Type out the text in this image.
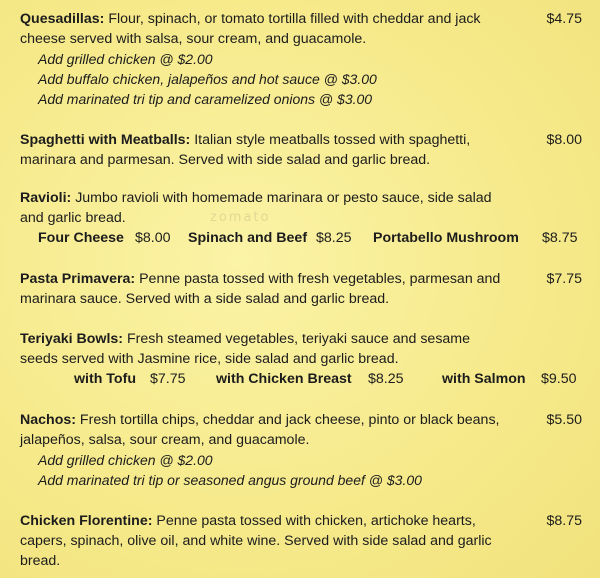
zomato
Quesadillas: Flour, spinach, or tomato tortilla filled with cheddar and jack	$4.75
cheese served with salsa, sour cream, and guacamole.
Add grilled chicken @ $2.00
Add buffalo chicken, jalapeños and hot sauce @ $3.00
Add marinated tri tip and caramelized onions @ $3.00
Spaghetti with Meatballs: Italian style meatballs tossed with spaghetti,	$8.00
marinara and parmesan. Served with side salad and garlic bread.
Ravioli: Jumbo ravioli with homemade marinara or pesto sauce, side salad
and garlic bread.
Four Cheese $8.00 Spinach and Beef $8.25 Portabello Mushroom $8.75
Pasta Primavera: Penne pasta tossed with fresh vegetables, parmesan and	$7.75
marinara sauce. Served with a side salad and garlic bread.
Teriyaki Bowls: Fresh steamed vegetables, teriyaki sauce and sesame
seeds served with Jasmine rice, side salad and garlic bread.
with Tofu $7.75 with Chicken Breast $8.25	with Salmon $9.50
Nachos: Fresh tortilla chips, cheddar and jack cheese, pinto or black beans,	$5.50
jalapeños, salsa, sour cream, and guacamole.
Add grilled chicken @ $2.00
Add marinated tri tip or seasoned angus ground beef @ $3.00
Chicken Florentine: Penne pasta tossed with chicken, artichoke hearts,	$8.75
capers, spinach, olive oil, and white wine. Served with side salad and garlic
bread.
